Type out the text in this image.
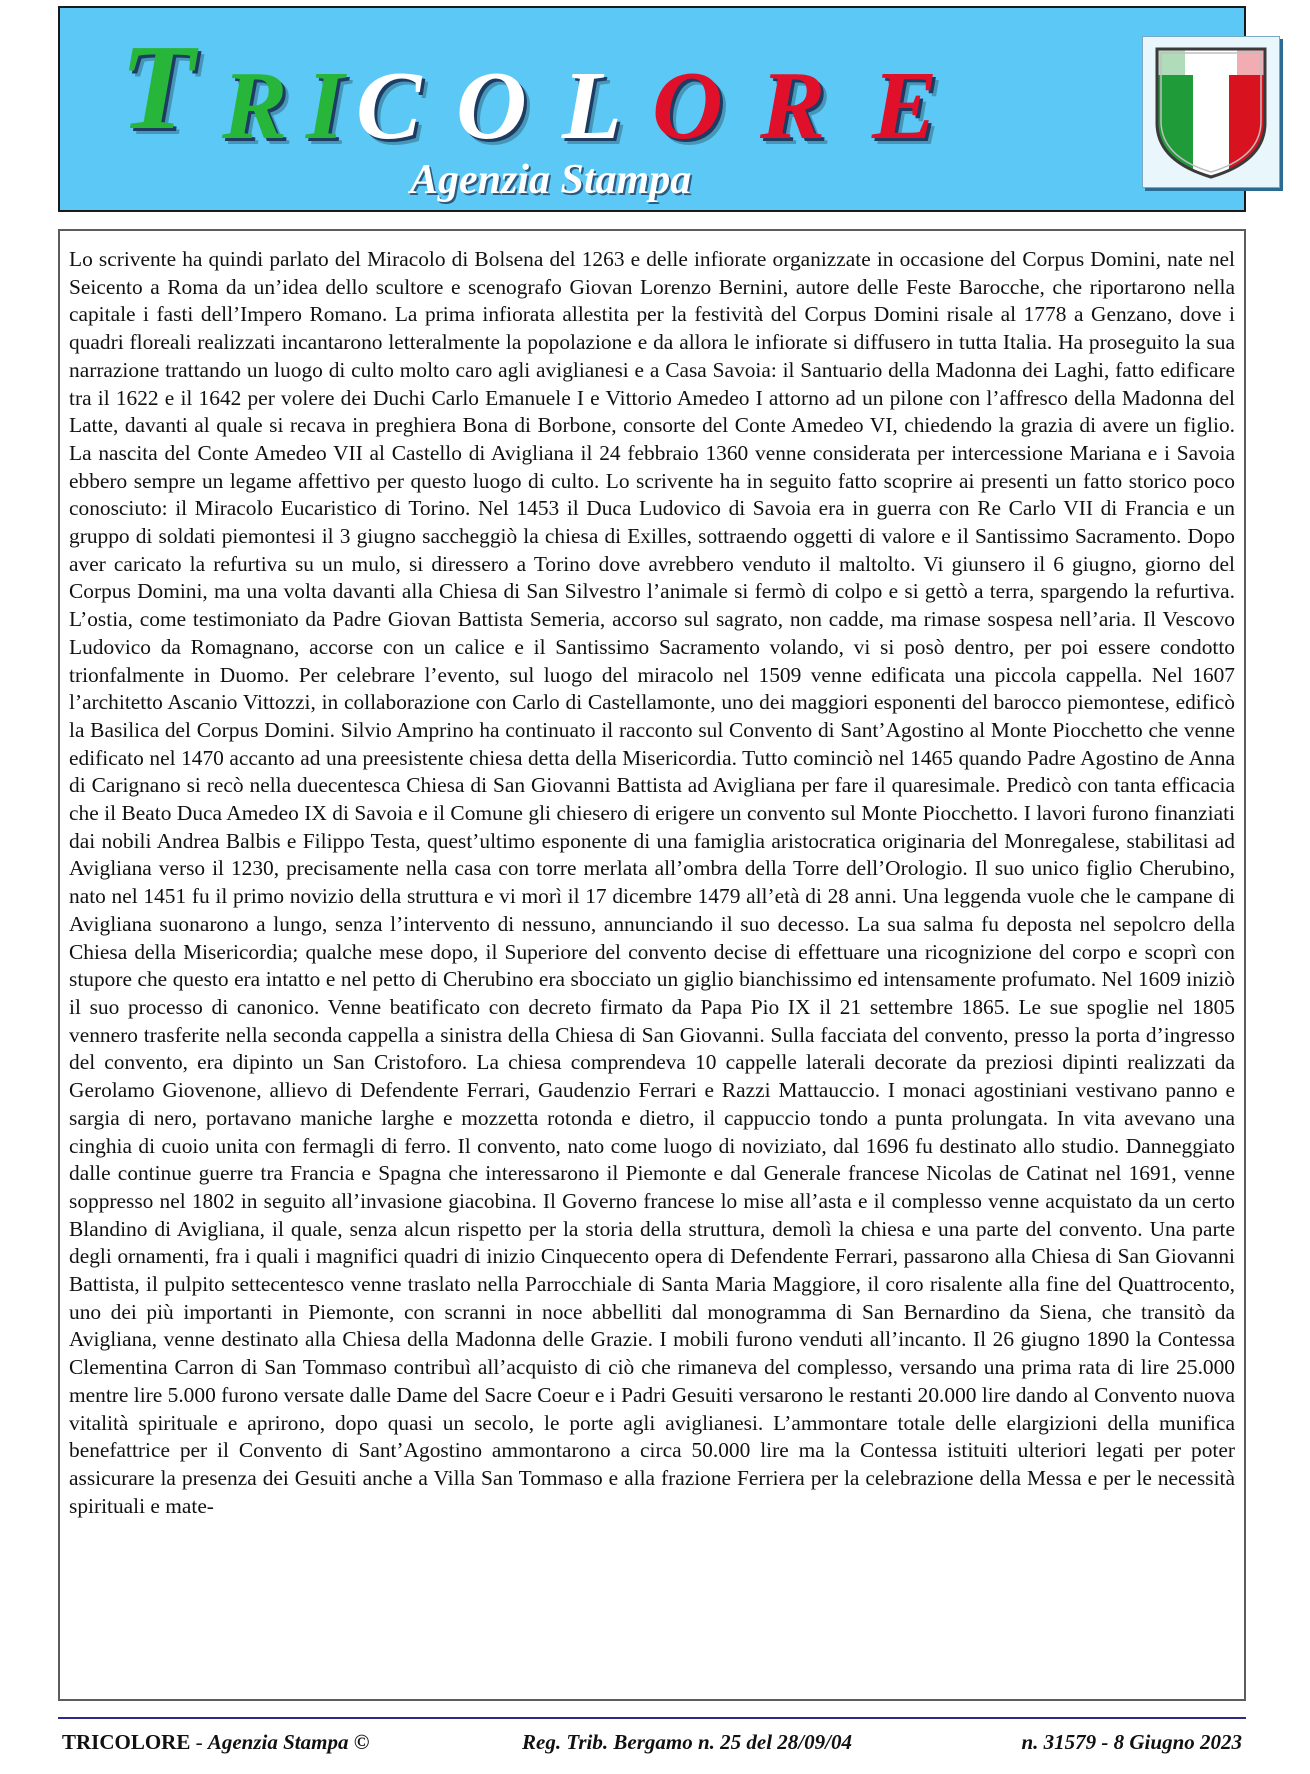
T R I C O L O R E
Agenzia Stampa

Lo scrivente ha quindi parlato del Miracolo di Bolsena del 1263 e delle infiorate organizzate in occasione del Corpus Domini, nate nel Seicento a Roma da un’idea dello scultore e scenografo Giovan Lorenzo Bernini, autore delle Feste Barocche, che riportarono nella capitale i fasti dell’Impero Romano. La prima infiorata allestita per la festività del Corpus Domini risale al 1778 a Genzano, dove i quadri floreali realizzati incantarono letteralmente la popolazione e da allora le infiorate si diffusero in tutta Italia. Ha proseguito la sua narrazione trattando un luogo di culto molto caro agli aviglianesi e a Casa Savoia: il Santuario della Madonna dei Laghi, fatto edificare tra il 1622 e il 1642 per volere dei Duchi Carlo Emanuele I e Vittorio Amedeo I attorno ad un pilone con l’affresco della Madonna del Latte, davanti al quale si recava in preghiera Bona di Borbone, consorte del Conte Amedeo VI, chiedendo la grazia di avere un figlio. La nascita del Conte Amedeo VII al Castello di Avigliana il 24 febbraio 1360 venne considerata per intercessione Mariana e i Savoia ebbero sempre un legame affettivo per questo luogo di culto. Lo scrivente ha in seguito fatto scoprire ai presenti un fatto storico poco conosciuto: il Miracolo Eucaristico di Torino. Nel 1453 il Duca Ludovico di Savoia era in guerra con Re Carlo VII di Francia e un gruppo di soldati piemontesi il 3 giugno saccheggiò la chiesa di Exilles, sottraendo oggetti di valore e il Santissimo Sacramento. Dopo aver caricato la refurtiva su un mulo, si diressero a Torino dove avrebbero venduto il maltolto. Vi giunsero il 6 giugno, giorno del Corpus Domini, ma una volta davanti alla Chiesa di San Silvestro l’animale si fermò di colpo e si gettò a terra, spargendo la refurtiva. L’ostia, come testimoniato da Padre Giovan Battista Semeria, accorso sul sagrato, non cadde, ma rimase sospesa nell’aria. Il Vescovo Ludovico da Romagnano, accorse con un calice e il Santissimo Sacramento volando, vi si posò dentro, per poi essere condotto trionfalmente in Duomo. Per celebrare l’evento, sul luogo del miracolo nel 1509 venne edificata una piccola cappella. Nel 1607 l’architetto Ascanio Vittozzi, in collaborazione con Carlo di Castellamonte, uno dei maggiori esponenti del barocco piemontese, edificò la Basilica del Corpus Domini. Silvio Amprino ha continuato il racconto sul Convento di Sant’Agostino al Monte Piocchetto che venne edificato nel 1470 accanto ad una preesistente chiesa detta della Misericordia. Tutto cominciò nel 1465 quando Padre Agostino de Anna di Carignano si recò nella duecentesca Chiesa di San Giovanni Battista ad Avigliana per fare il quaresimale. Predicò con tanta efficacia che il Beato Duca Amedeo IX di Savoia e il Comune gli chiesero di erigere un convento sul Monte Piocchetto. I lavori furono finanziati dai nobili Andrea Balbis e Filippo Testa, quest’ultimo esponente di una famiglia aristocratica originaria del Monregalese, stabilitasi ad Avigliana verso il 1230, precisamente nella casa con torre merlata all’ombra della Torre dell’Orologio. Il suo unico figlio Cherubino, nato nel 1451 fu il primo novizio della struttura e vi morì il 17 dicembre 1479 all’età di 28 anni. Una leggenda vuole che le campane di Avigliana suonarono a lungo, senza l’intervento di nessuno, annunciando il suo decesso. La sua salma fu deposta nel sepolcro della Chiesa della Misericordia; qualche mese dopo, il Superiore del convento decise di effettuare una ricognizione del corpo e scoprì con stupore che questo era intatto e nel petto di Cherubino era sbocciato un giglio bianchissimo ed intensamente profumato. Nel 1609 iniziò il suo processo di canonico. Venne beatificato con decreto firmato da Papa Pio IX il 21 settembre 1865. Le sue spoglie nel 1805 vennero trasferite nella seconda cappella a sinistra della Chiesa di San Giovanni. Sulla facciata del convento, presso la porta d’ingresso del convento, era dipinto un San Cristoforo. La chiesa comprendeva 10 cappelle laterali decorate da preziosi dipinti realizzati da Gerolamo Giovenone, allievo di Defendente Ferrari, Gaudenzio Ferrari e Razzi Mattauccio. I monaci agostiniani vestivano panno e sargia di nero, portavano maniche larghe e mozzetta rotonda e dietro, il cappuccio tondo a punta prolungata. In vita avevano una cinghia di cuoio unita con fermagli di ferro. Il convento, nato come luogo di noviziato, dal 1696 fu destinato allo studio. Danneggiato dalle continue guerre tra Francia e Spagna che interessarono il Piemonte e dal Generale francese Nicolas de Catinat nel 1691, venne soppresso nel 1802 in seguito all’invasione giacobina. Il Governo francese lo mise all’asta e il complesso venne acquistato da un certo Blandino di Avigliana, il quale, senza alcun rispetto per la storia della struttura, demolì la chiesa e una parte del convento. Una parte degli ornamenti, fra i quali i magnifici quadri di inizio Cinquecento opera di Defendente Ferrari, passarono alla Chiesa di San Giovanni Battista, il pulpito settecentesco venne traslato nella Parrocchiale di Santa Maria Maggiore, il coro risalente alla fine del Quattrocento, uno dei più importanti in Piemonte, con scranni in noce abbelliti dal monogramma di San Bernardino da Siena, che transitò da Avigliana, venne destinato alla Chiesa della Madonna delle Grazie. I mobili furono venduti all’incanto. Il 26 giugno 1890 la Contessa Clementina Carron di San Tommaso contribuì all’acquisto di ciò che rimaneva del complesso, versando una prima rata di lire 25.000 mentre lire 5.000 furono versate dalle Dame del Sacre Coeur e i Padri Gesuiti versarono le restanti 20.000 lire dando al Convento nuova vitalità spirituale e aprirono, dopo quasi un secolo, le porte agli aviglianesi. L’ammontare totale delle elargizioni della munifica benefattrice per il Convento di Sant’Agostino ammontarono a circa 50.000 lire ma la Contessa istituiti ulteriori legati per poter assicurare la presenza dei Gesuiti anche a Villa San Tommaso e alla frazione Ferriera per la celebrazione della Messa e per le necessità spirituali e mate-

TRICOLORE - Agenzia Stampa ©	Reg. Trib. Bergamo n. 25 del 28/09/04	n. 31579 - 8 Giugno 2023
